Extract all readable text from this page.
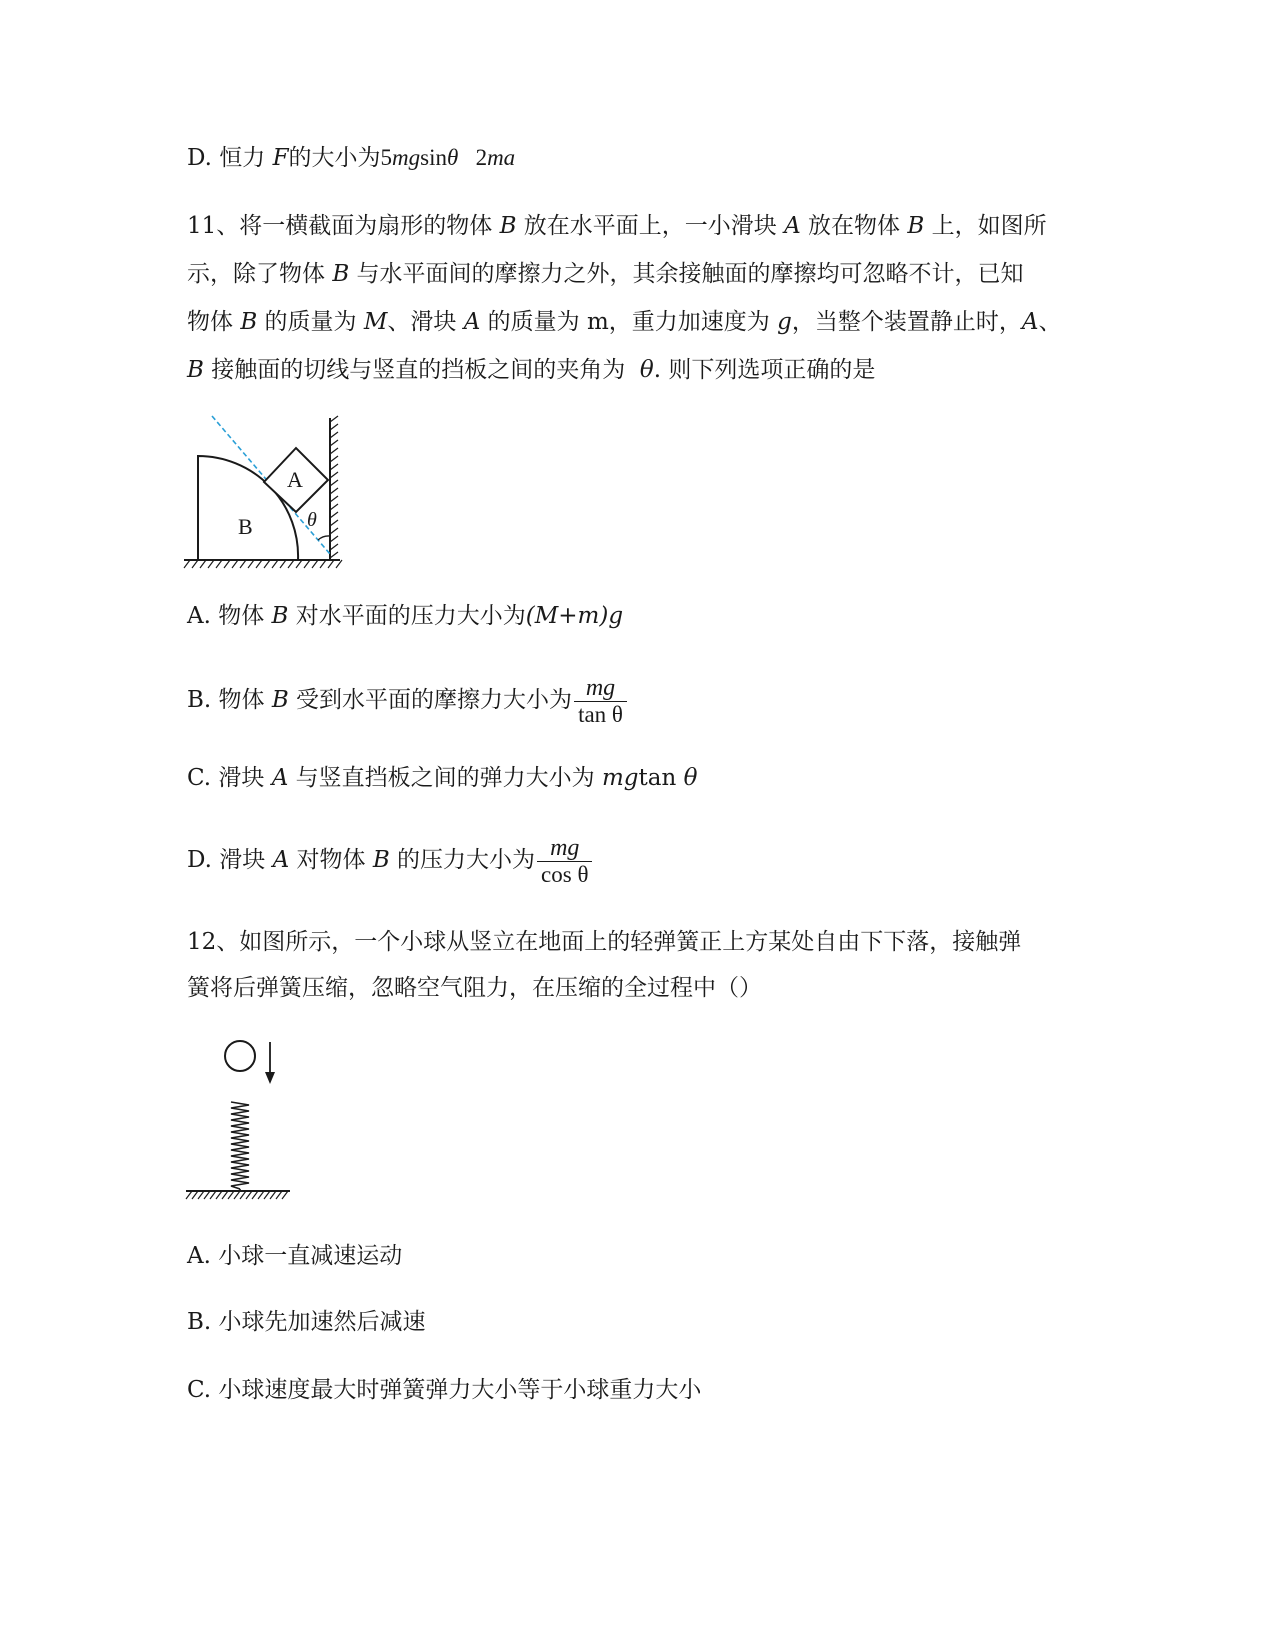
D. 恒力 F的大小为5mgsinθ   2ma
11、将一横截面为扇形的物体 B 放在水平面上，一小滑块 A 放在物体 B 上，如图所
示，除了物体 B 与水平面间的摩擦力之外，其余接触面的摩擦均可忽略不计，已知
物体 B 的质量为 M、滑块 A 的质量为 m，重力加速度为 g，当整个装置静止时，A、
B 接触面的切线与竖直的挡板之间的夹角为  θ. 则下列选项正确的是
A
B	θ
A. 物体 B 对水平面的压力大小为(M+m)g
B. 物体 B 受到水平面的摩擦力大小为 $\frac{mg}{\text{tan θ}}$
C. 滑块 A 与竖直挡板之间的弹力大小为 mgtan θ
D. 滑块 A 对物体 B 的压力大小为 $\frac{mg}{\text{cos θ}}$
12、如图所示，一个小球从竖立在地面上的轻弹簧正上方某处自由下下落，接触弹
簧将后弹簧压缩，忽略空气阻力，在压缩的全过程中（）
A. 小球一直减速运动
B. 小球先加速然后减速
C. 小球速度最大时弹簧弹力大小等于小球重力大小
